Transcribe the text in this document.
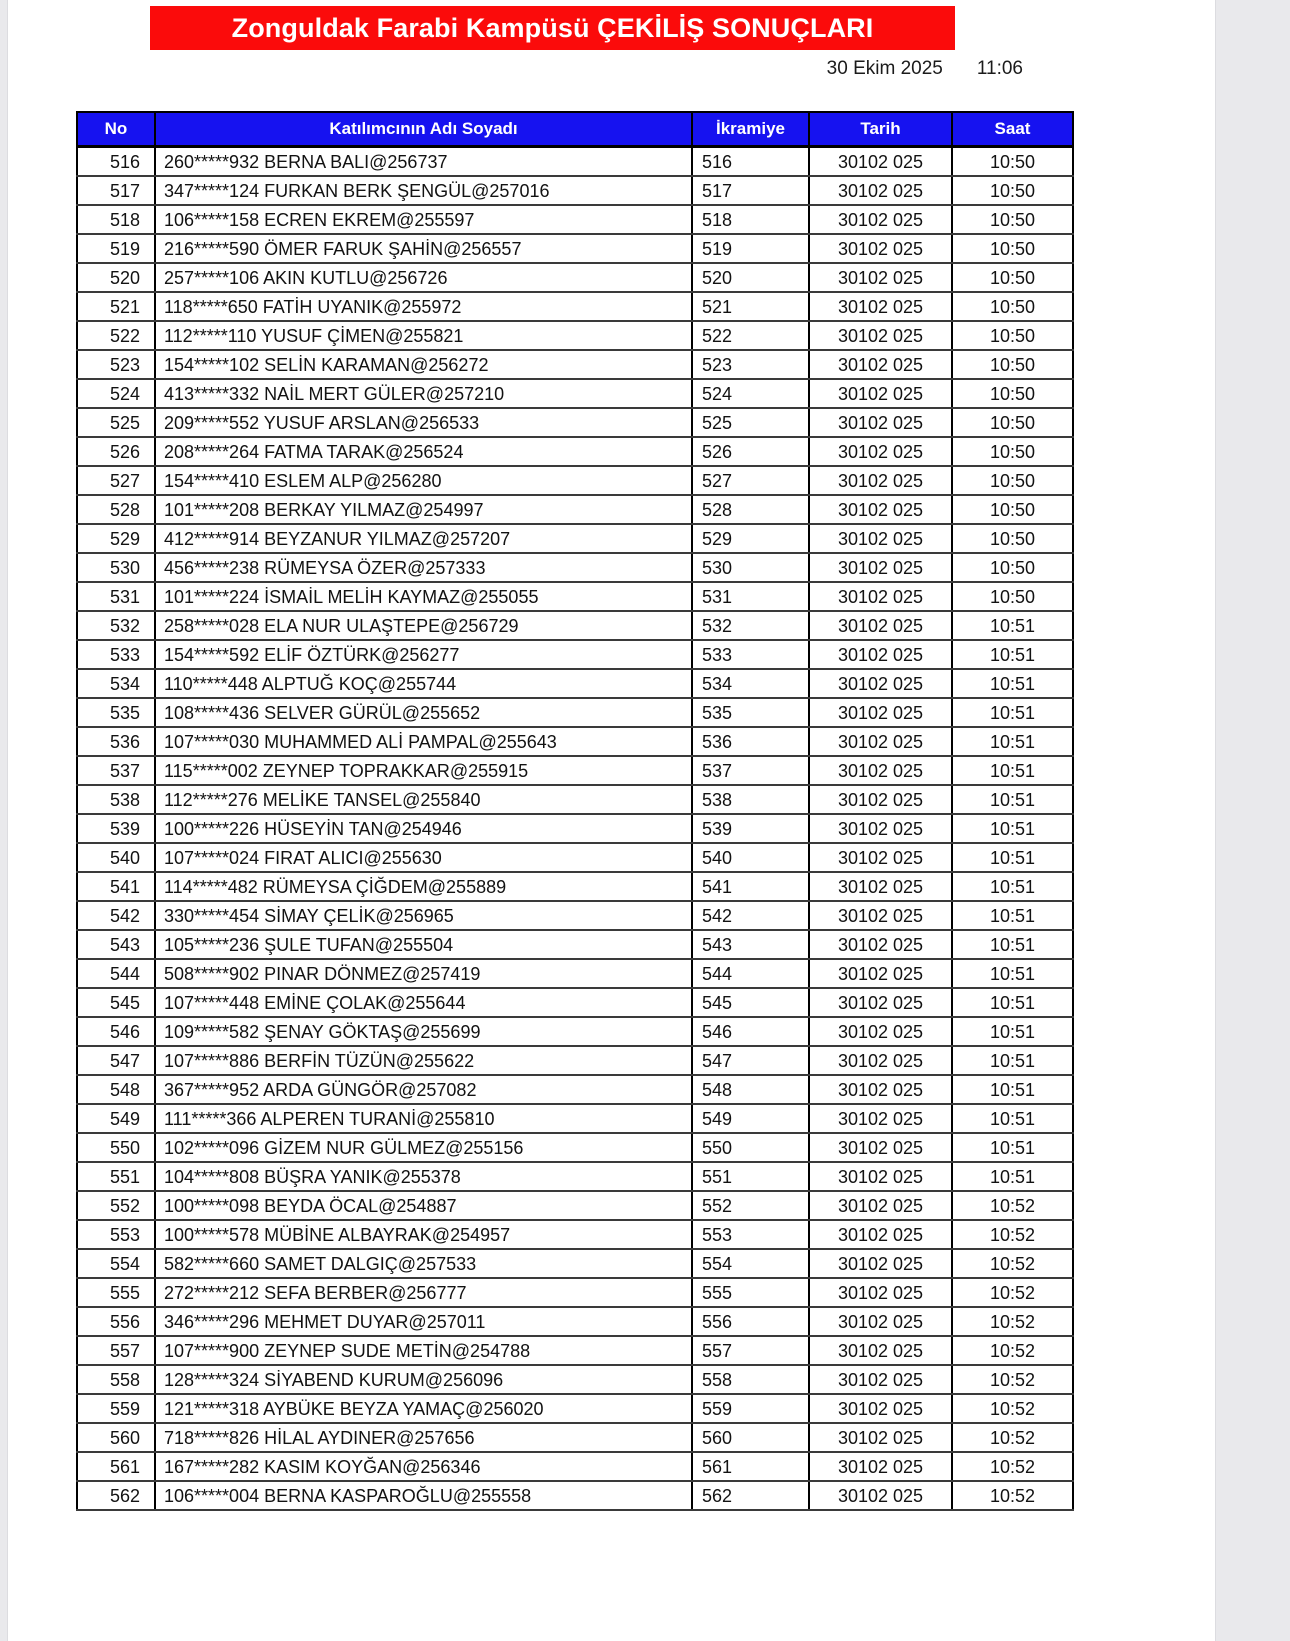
Zonguldak Farabi Kampüsü ÇEKİLİŞ SONUÇLARI
30 Ekim 2025 11:06
No	Katılımcının Adı Soyadı	İkramiye	Tarih	Saat
516	260*****932 BERNA BALI@256737	516	30102 025	10:50
517	347*****124 FURKAN BERK ŞENGÜL@257016	517	30102 025	10:50
518	106*****158 ECREN EKREM@255597	518	30102 025	10:50
519	216*****590 ÖMER FARUK ŞAHİN@256557	519	30102 025	10:50
520	257*****106 AKIN KUTLU@256726	520	30102 025	10:50
521	118*****650 FATİH UYANIK@255972	521	30102 025	10:50
522	112*****110 YUSUF ÇİMEN@255821	522	30102 025	10:50
523	154*****102 SELİN KARAMAN@256272	523	30102 025	10:50
524	413*****332 NAİL MERT GÜLER@257210	524	30102 025	10:50
525	209*****552 YUSUF ARSLAN@256533	525	30102 025	10:50
526	208*****264 FATMA TARAK@256524	526	30102 025	10:50
527	154*****410 ESLEM ALP@256280	527	30102 025	10:50
528	101*****208 BERKAY YILMAZ@254997	528	30102 025	10:50
529	412*****914 BEYZANUR YILMAZ@257207	529	30102 025	10:50
530	456*****238 RÜMEYSA ÖZER@257333	530	30102 025	10:50
531	101*****224 İSMAİL MELİH KAYMAZ@255055	531	30102 025	10:50
532	258*****028 ELA NUR ULAŞTEPE@256729	532	30102 025	10:51
533	154*****592 ELİF ÖZTÜRK@256277	533	30102 025	10:51
534	110*****448 ALPTUĞ KOÇ@255744	534	30102 025	10:51
535	108*****436 SELVER GÜRÜL@255652	535	30102 025	10:51
536	107*****030 MUHAMMED ALİ PAMPAL@255643	536	30102 025	10:51
537	115*****002 ZEYNEP TOPRAKKAR@255915	537	30102 025	10:51
538	112*****276 MELİKE TANSEL@255840	538	30102 025	10:51
539	100*****226 HÜSEYİN TAN@254946	539	30102 025	10:51
540	107*****024 FIRAT ALICI@255630	540	30102 025	10:51
541	114*****482 RÜMEYSA ÇİĞDEM@255889	541	30102 025	10:51
542	330*****454 SİMAY ÇELİK@256965	542	30102 025	10:51
543	105*****236 ŞULE TUFAN@255504	543	30102 025	10:51
544	508*****902 PINAR DÖNMEZ@257419	544	30102 025	10:51
545	107*****448 EMİNE ÇOLAK@255644	545	30102 025	10:51
546	109*****582 ŞENAY GÖKTAŞ@255699	546	30102 025	10:51
547	107*****886 BERFİN TÜZÜN@255622	547	30102 025	10:51
548	367*****952 ARDA GÜNGÖR@257082	548	30102 025	10:51
549	111*****366 ALPEREN TURANİ@255810	549	30102 025	10:51
550	102*****096 GİZEM NUR GÜLMEZ@255156	550	30102 025	10:51
551	104*****808 BÜŞRA YANIK@255378	551	30102 025	10:51
552	100*****098 BEYDA ÖCAL@254887	552	30102 025	10:52
553	100*****578 MÜBİNE ALBAYRAK@254957	553	30102 025	10:52
554	582*****660 SAMET DALGIÇ@257533	554	30102 025	10:52
555	272*****212 SEFA BERBER@256777	555	30102 025	10:52
556	346*****296 MEHMET DUYAR@257011	556	30102 025	10:52
557	107*****900 ZEYNEP SUDE METİN@254788	557	30102 025	10:52
558	128*****324 SİYABEND KURUM@256096	558	30102 025	10:52
559	121*****318 AYBÜKE BEYZA YAMAÇ@256020	559	30102 025	10:52
560	718*****826 HİLAL AYDINER@257656	560	30102 025	10:52
561	167*****282 KASIM KOYĞAN@256346	561	30102 025	10:52
562	106*****004 BERNA KASPAROĞLU@255558	562	30102 025	10:52
